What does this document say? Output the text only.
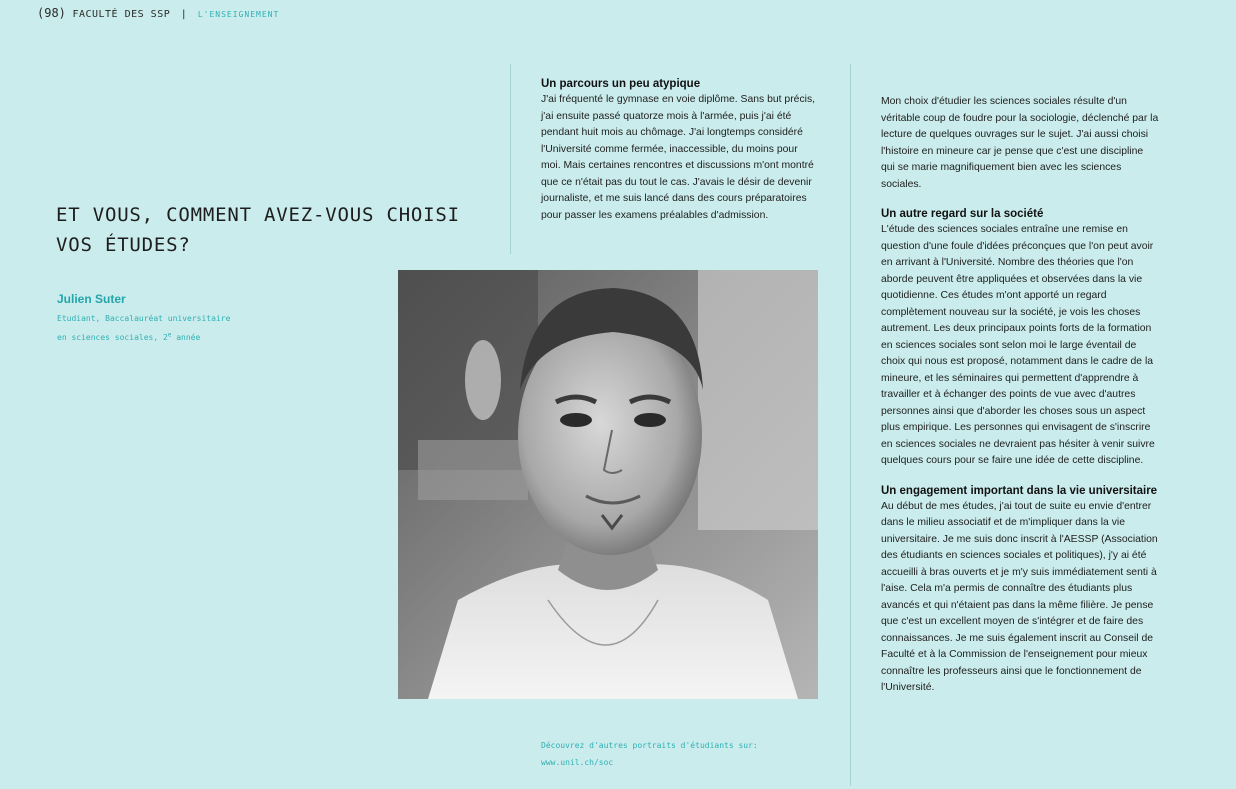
(98) FACULTÉ DES SSP | L'ENSEIGNEMENT
ET VOUS, COMMENT AVEZ-VOUS CHOISI
VOS ÉTUDES?
Julien Suter
Etudiant, Baccalauréat universitaire
en sciences sociales, 2e année
Un parcours un peu atypique

J'ai fréquenté le gymnase en voie diplôme. Sans but précis, j'ai ensuite passé quatorze mois à l'armée, puis j'ai été pendant huit mois au chômage. J'ai longtemps considéré l'Université comme fermée, inaccessible, du moins pour moi. Mais certaines rencontres et discussions m'ont montré que ce n'était pas du tout le cas. J'avais le désir de devenir journaliste, et me suis lancé dans des cours préparatoires pour passer les examens préalables d'admission.

Mon choix d'étudier les sciences sociales résulte d'un véritable coup de foudre pour la sociologie, déclenché par la lecture de quelques ouvrages sur le sujet. J'ai aussi choisi l'histoire en mineure car je pense que c'est une discipline qui se marie magnifiquement bien avec les sciences sociales.

Un autre regard sur la société

L'étude des sciences sociales entraîne une remise en question d'une foule d'idées préconçues que l'on peut avoir en arrivant à l'Université. Nombre des théories que l'on aborde peuvent être appliquées et observées dans la vie quotidienne. Ces études m'ont apporté un regard complètement nouveau sur la société, je vois les choses autrement. Les deux principaux points forts de la formation en sciences sociales sont selon moi le large éventail de choix qui nous est proposé, notamment dans le cadre de la mineure, et les séminaires qui permettent d'apprendre à travailler et à échanger des points de vue avec d'autres personnes ainsi que d'aborder les choses sous un aspect plus empirique. Les personnes qui envisagent de s'inscrire en sciences sociales ne devraient pas hésiter à venir suivre quelques cours pour se faire une idée de cette discipline.

Un engagement important dans la vie universitaire

Au début de mes études, j'ai tout de suite eu envie d'entrer dans le milieu associatif et de m'impliquer dans la vie universitaire. Je me suis donc inscrit à l'AESSP (Association des étudiants en sciences sociales et politiques), j'y ai été accueilli à bras ouverts et je m'y suis immédiatement senti à l'aise. Cela m'a permis de connaître des étudiants plus avancés et qui n'étaient pas dans la même filière. Je pense que c'est un excellent moyen de s'intégrer et de faire des connaissances. Je me suis également inscrit au Conseil de Faculté et à la Commission de l'enseignement pour mieux connaître les professeurs ainsi que le fonctionnement de l'Université.

Découvrez d'autres portraits d'étudiants sur:
www.unil.ch/soc
